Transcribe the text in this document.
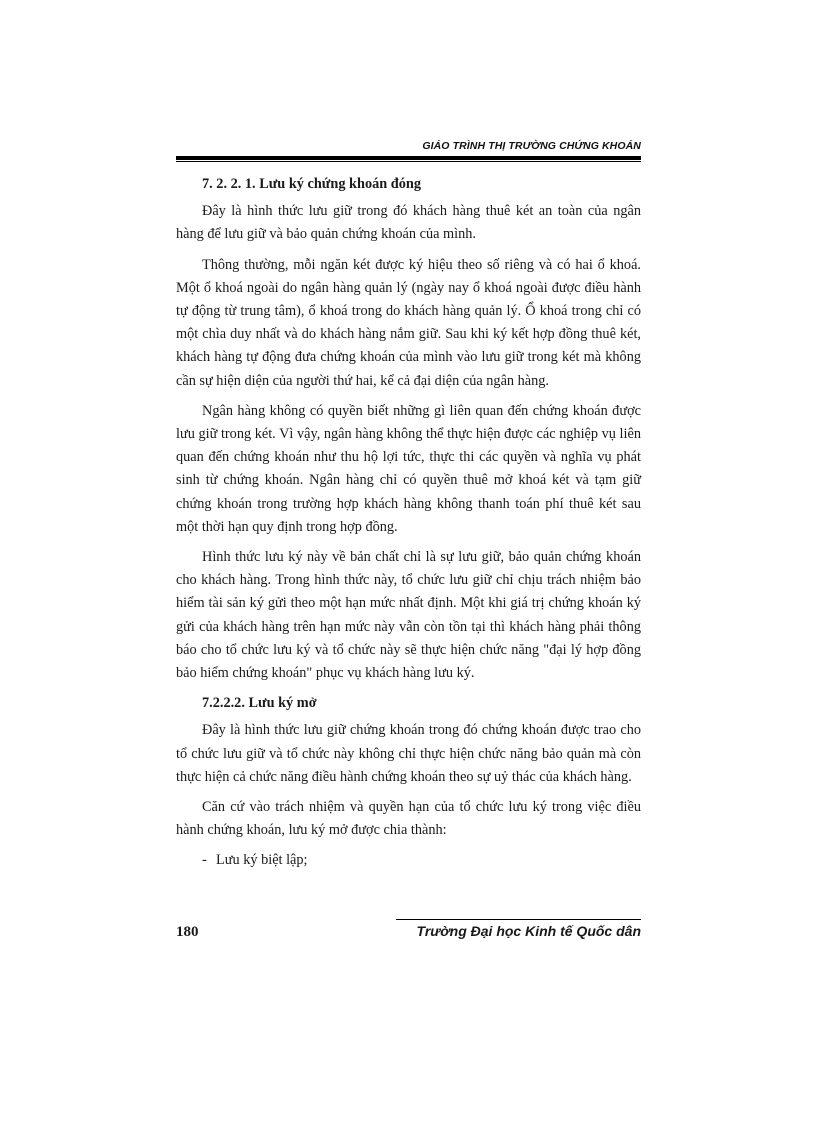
GIÁO TRÌNH THỊ TRƯỜNG CHỨNG KHOÁN
7. 2. 2. 1. Lưu ký chứng khoán đóng

Đây là hình thức lưu giữ trong đó khách hàng thuê két an toàn của ngân hàng để lưu giữ và bảo quản chứng khoán của mình.

Thông thường, mỗi ngăn két được ký hiệu theo số riêng và có hai ổ khoá. Một ổ khoá ngoài do ngân hàng quản lý (ngày nay ổ khoá ngoài được điều hành tự động từ trung tâm), ổ khoá trong do khách hàng quản lý. Ổ khoá trong chỉ có một chìa duy nhất và do khách hàng nắm giữ. Sau khi ký kết hợp đồng thuê két, khách hàng tự động đưa chứng khoán của mình vào lưu giữ trong két mà không cần sự hiện diện của người thứ hai, kể cả đại diện của ngân hàng.

Ngân hàng không có quyền biết những gì liên quan đến chứng khoán được lưu giữ trong két. Vì vậy, ngân hàng không thể thực hiện được các nghiệp vụ liên quan đến chứng khoán như thu hộ lợi tức, thực thi các quyền và nghĩa vụ phát sinh từ chứng khoán. Ngân hàng chỉ có quyền thuê mở khoá két và tạm giữ chứng khoán trong trường hợp khách hàng không thanh toán phí thuê két sau một thời hạn quy định trong hợp đồng.

Hình thức lưu ký này về bản chất chỉ là sự lưu giữ, bảo quản chứng khoán cho khách hàng. Trong hình thức này, tổ chức lưu giữ chỉ chịu trách nhiệm bảo hiểm tài sản ký gửi theo một hạn mức nhất định. Một khi giá trị chứng khoán ký gửi của khách hàng trên hạn mức này vẫn còn tồn tại thì khách hàng phải thông báo cho tổ chức lưu ký và tổ chức này sẽ thực hiện chức năng "đại lý hợp đồng bảo hiểm chứng khoán" phục vụ khách hàng lưu ký.

7.2.2.2. Lưu ký mở

Đây là hình thức lưu giữ chứng khoán trong đó chứng khoán được trao cho tổ chức lưu giữ và tổ chức này không chỉ thực hiện chức năng bảo quản mà còn thực hiện cả chức năng điều hành chứng khoán theo sự uỷ thác của khách hàng.

Căn cứ vào trách nhiệm và quyền hạn của tổ chức lưu ký trong việc điều hành chứng khoán, lưu ký mở được chia thành:

- Lưu ký biệt lập;
180	Trường Đại học Kinh tế Quốc dân
